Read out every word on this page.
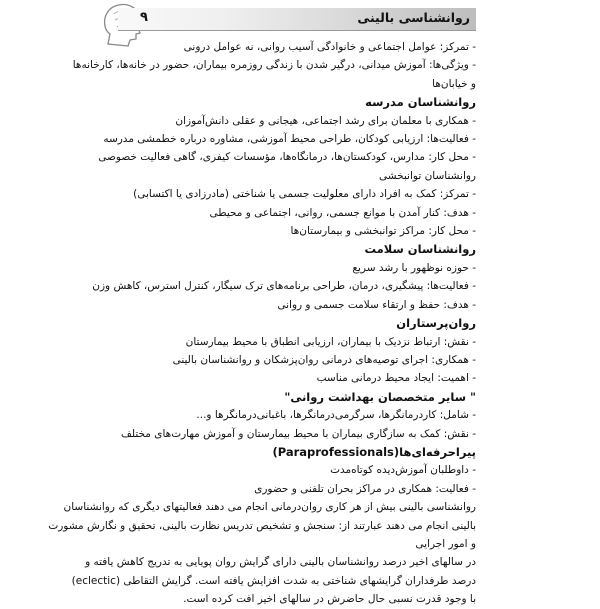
روانشناسی بالینی
۹
- تمرکز: عوامل اجتماعی و خانوادگی آسیب روانی، نه عوامل درونی
- ویژگی‌ها: آموزش میدانی، درگیر شدن با زندگی روزمره بیماران، حضور در خانه‌ها، کارخانه‌ها
و خیابان‌ها
روانشناسان مدرسه
- همکاری با معلمان برای رشد اجتماعی، هیجانی و عقلی دانش‌آموزان
- فعالیت‌ها: ارزیابی کودکان، طراحی محیط آموزشی، مشاوره درباره خطمشی مدرسه
- محل کار: مدارس، کودکستان‌ها، درمانگاه‌ها، مؤسسات کیفری، گاهی فعالیت خصوصی
روانشناسان توانبخشی
- تمرکز: کمک به افراد دارای معلولیت جسمی یا شناختی (مادرزادی یا اکتسابی)
- هدف: کنار آمدن با موانع جسمی، روانی، اجتماعی و محیطی
- محل کار: مراکز توانبخشی و بیمارستان‌ها
روانشناسان سلامت
- حوزه نوظهور با رشد سریع
- فعالیت‌ها: پیشگیری، درمان، طراحی برنامه‌های ترک سیگار، کنترل استرس، کاهش وزن
- هدف: حفظ و ارتقاء سلامت جسمی و روانی
روان‌پرستاران
- نقش: ارتباط نزدیک با بیماران، ارزیابی انطباق با محیط بیمارستان
- همکاری: اجرای توصیه‌های درمانی روان‌پزشکان و روانشناسان بالینی
- اهمیت: ایجاد محیط درمانی مناسب
" سایر متخصصان بهداشت روانی"
- شامل: کاردرمانگرها، سرگرمی‌درمانگرها، باغبانی‌درمانگرها و...
- نقش: کمک به سازگاری بیماران با محیط بیمارستان و آموزش مهارت‌های مختلف
پیراحرفه‌ای‌ها(Paraprofessionals)
- داوطلبان آموزش‌دیده کوتاه‌مدت
- فعالیت: همکاری در مراکز بحران تلفنی و حضوری
روانشناسی بالینی بیش از هر کاری روان‌درمانی انجام می دهند فعالیتهای دیگری که روانشناسان
بالینی انجام می دهند عبارتند از: سنجش و تشخیص تدریس نظارت بالینی، تحقیق و نگارش مشورت
و امور اجرایی
در سالهای اخیر درصد روانشناسان بالینی دارای گرایش روان پویایی به تدریج کاهش یافته و
درصد طرفداران گرایشهای شناختی به شدت افزایش یافته است. گرایش التقاطی (eclectic)
با وجود قدرت نسبی حال حاضرش در سالهای اخیر افت کرده است.
